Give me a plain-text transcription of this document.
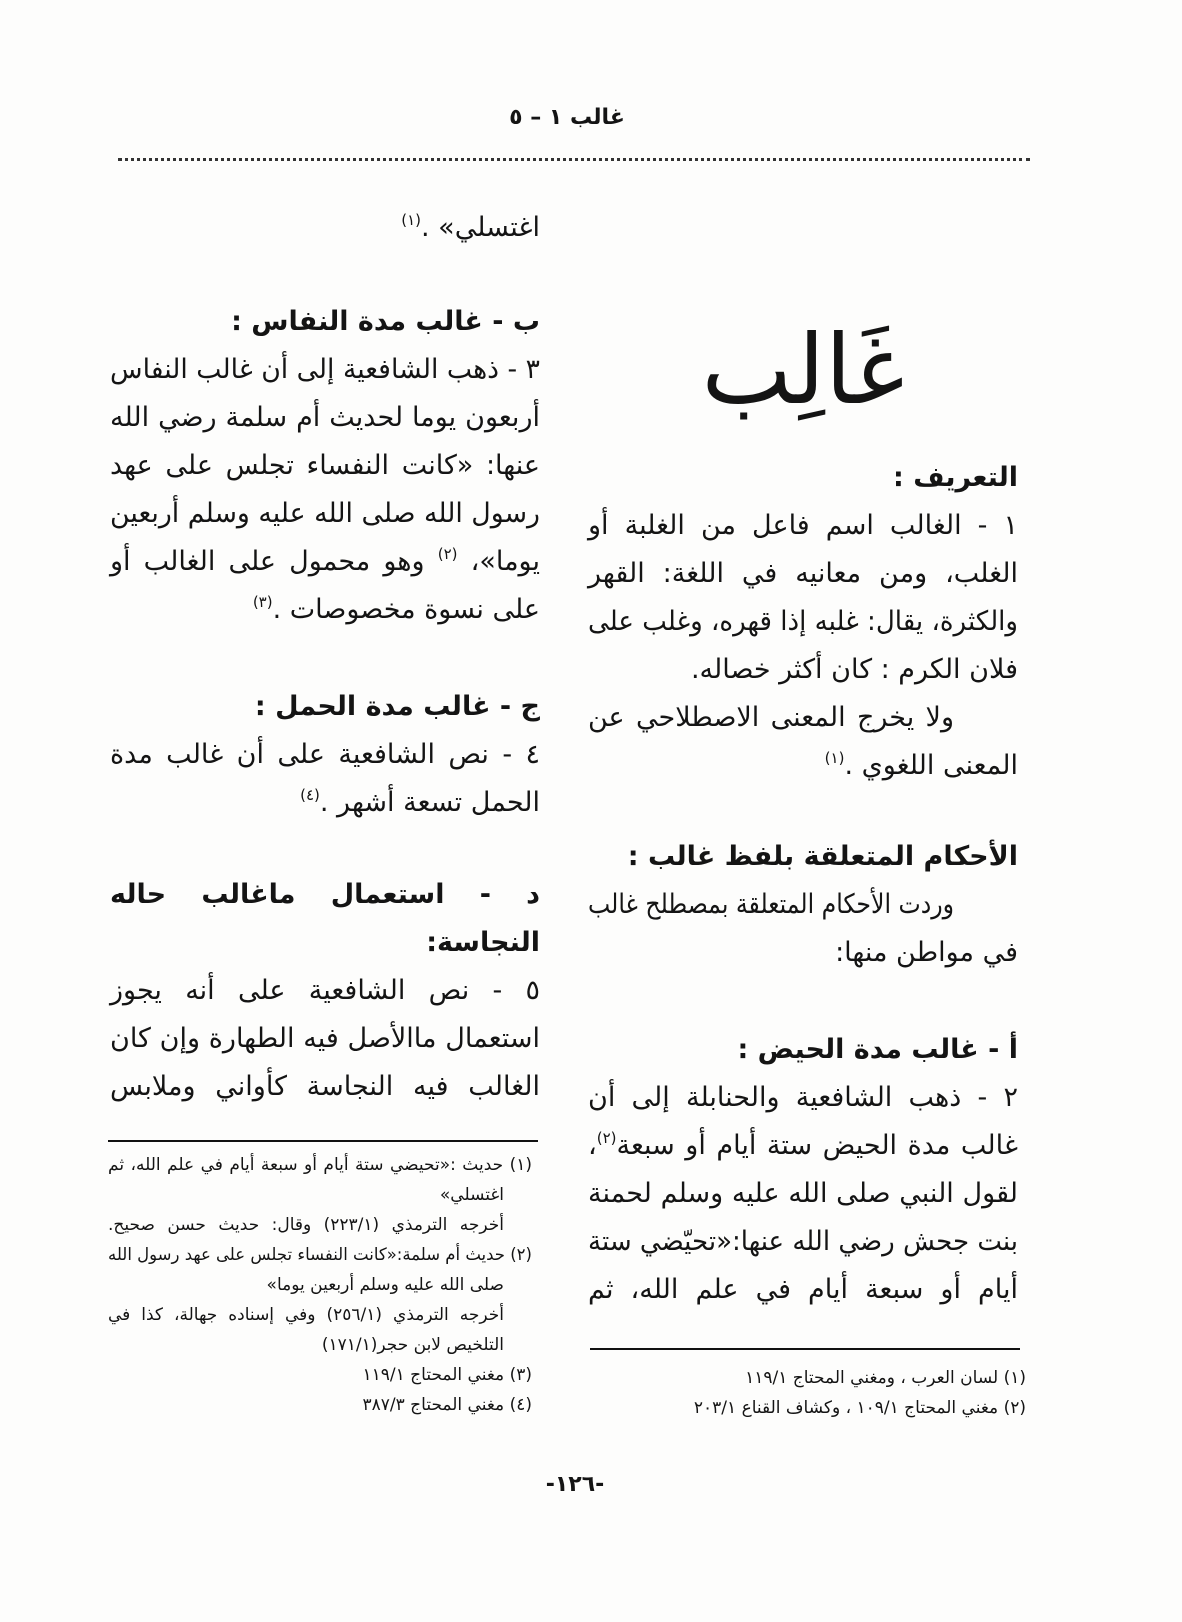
غالب ١ – ٥
غَالِب
التعريف :
١ - الغالب اسم فاعل من الغلبة أو
الغلب، ومن معانيه في اللغة: القهر
والكثرة، يقال: غلبه إذا قهره، وغلب على
فلان الكرم : كان أكثر خصاله.
ولا يخرج المعنى الاصطلاحي عن
المعنى اللغوي .$^{(١)}$
الأحكام المتعلقة بلفظ غالب :
وردت الأحكام المتعلقة بمصطلح غالب
في مواطن منها:
أ - غالب مدة الحيض :
٢ - ذهب الشافعية والحنابلة إلى أن
غالب مدة الحيض ستة أيام أو سبعة$^{(٢)}$،
لقول النبي صلى الله عليه وسلم لحمنة
بنت جحش رضي الله عنها:«تحيّضي ستة
أيام أو سبعة أيام في علم الله، ثم
(١) لسان العرب ، ومغني المحتاج ١١٩/١
(٢) مغني المحتاج ١٠٩/١ ، وكشاف القناع ٢٠٣/١
اغتسلي» .$^{(١)}$
ب - غالب مدة النفاس :
٣ - ذهب الشافعية إلى أن غالب النفاس
أربعون يوما لحديث أم سلمة رضي الله
عنها: «كانت النفساء تجلس على عهد
رسول الله صلى الله عليه وسلم أربعين
يوما»، $^{(٢)}$ وهو محمول على الغالب أو
على نسوة مخصوصات .$^{(٣)}$
ج - غالب مدة الحمل :
٤ - نص الشافعية على أن غالب مدة
الحمل تسعة أشهر .$^{(٤)}$
د - استعمال ماغالب حاله
النجاسة:
٥ - نص الشافعية على أنه يجوز
استعمال ماالأصل فيه الطهارة وإن كان
الغالب فيه النجاسة كأواني وملابس
(١) حديث :«تحيضي ستة أيام أو سبعة أيام في علم الله، ثم
اغتسلي»
أخرجه الترمذي (٢٢٣/١) وقال: حديث حسن صحيح.
(٢) حديث أم سلمة:«كانت النفساء تجلس على عهد رسول الله
صلى الله عليه وسلم أربعين يوما»
أخرجه الترمذي (٢٥٦/١) وفي إسناده جهالة، كذا في
التلخيص لابن حجر(١٧١/١)
(٣) مغني المحتاج ١١٩/١
(٤) مغني المحتاج ٣٨٧/٣
-١٢٦-
